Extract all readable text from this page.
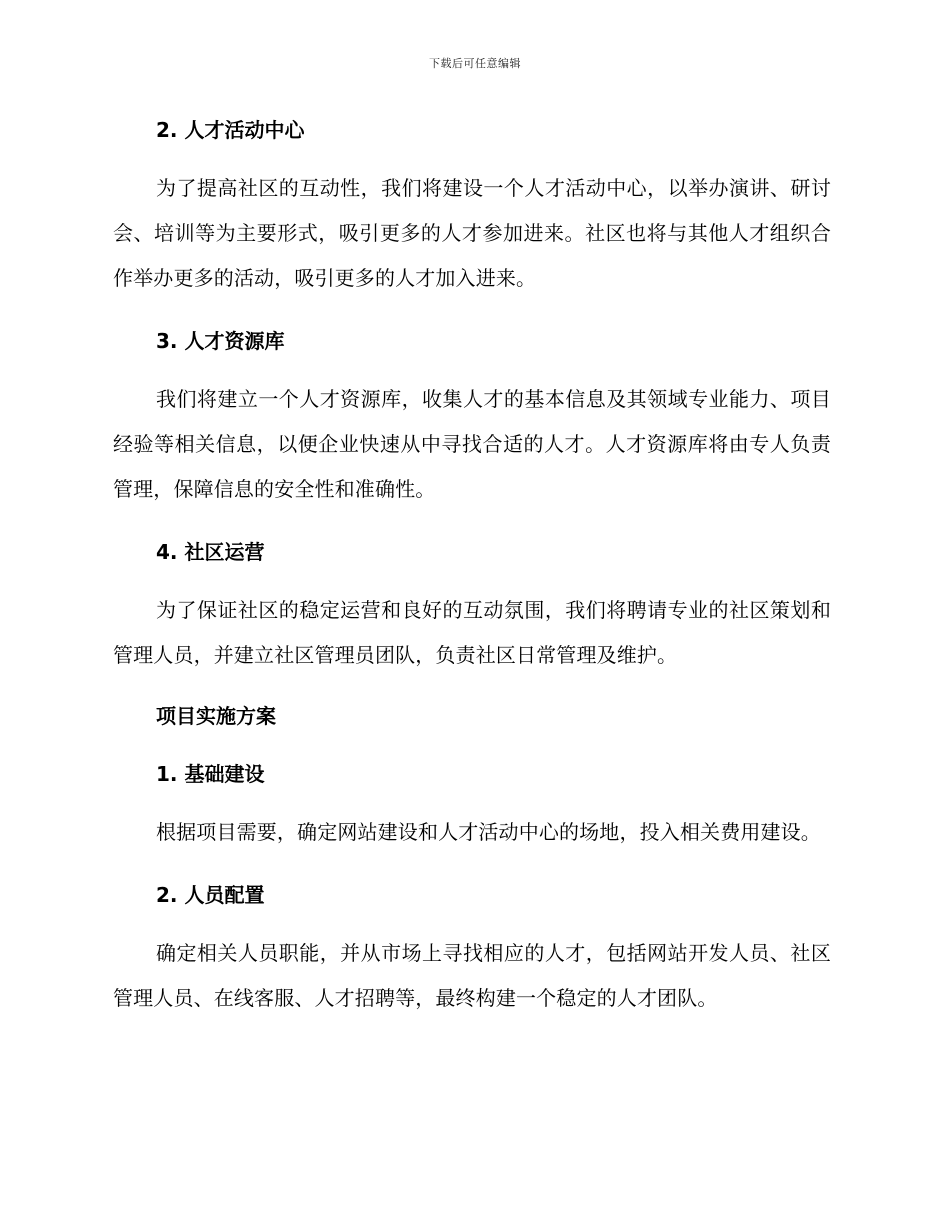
下载后可任意编辑
2. 人才活动中心

为了提高社区的互动性，我们将建设一个人才活动中心，以举办演讲、研讨会、培训等为主要形式，吸引更多的人才参加进来。社区也将与其他人才组织合作举办更多的活动，吸引更多的人才加入进来。

3. 人才资源库

我们将建立一个人才资源库，收集人才的基本信息及其领域专业能力、项目经验等相关信息，以便企业快速从中寻找合适的人才。人才资源库将由专人负责管理，保障信息的安全性和准确性。

4. 社区运营

为了保证社区的稳定运营和良好的互动氛围，我们将聘请专业的社区策划和管理人员，并建立社区管理员团队，负责社区日常管理及维护。

项目实施方案
1. 基础建设

根据项目需要，确定网站建设和人才活动中心的场地，投入相关费用建设。

2. 人员配置

确定相关人员职能，并从市场上寻找相应的人才，包括网站开发人员、社区管理人员、在线客服、人才招聘等，最终构建一个稳定的人才团队。
